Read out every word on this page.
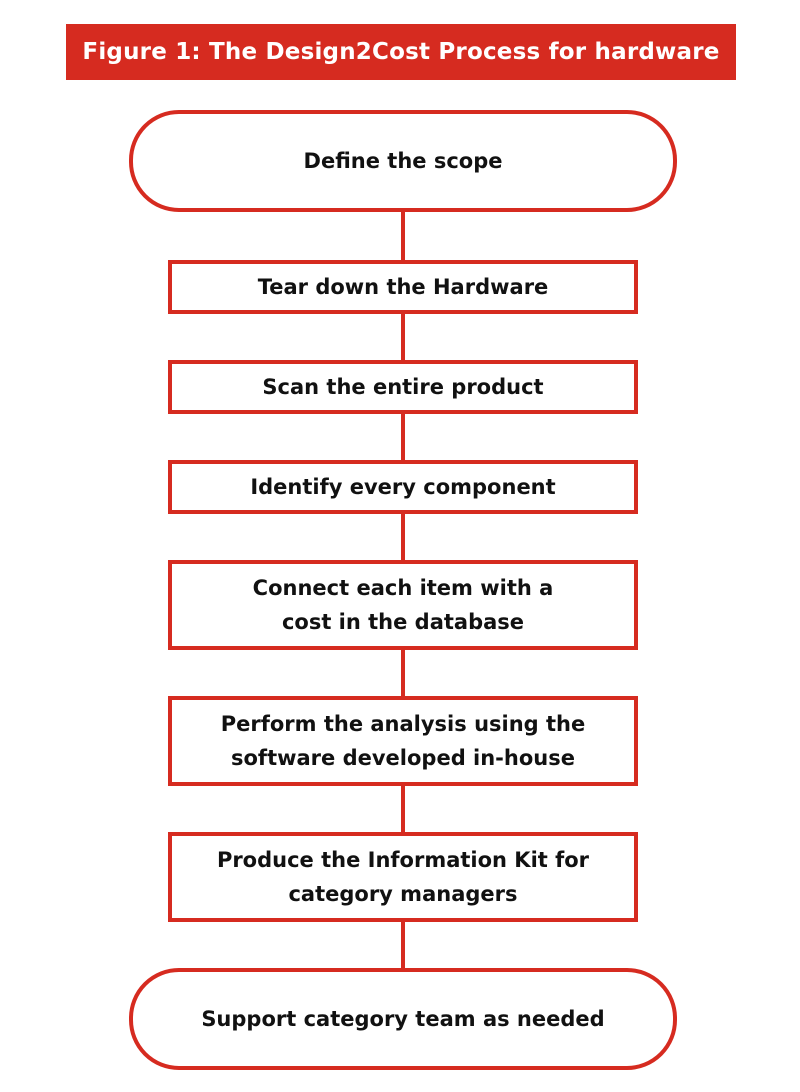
Figure 1: The Design2Cost Process for hardware
Define the scope
Tear down the Hardware
Scan the entire product
Identify every component
Connect each item with a
cost in the database
Perform the analysis using the
software developed in-house
Produce the Information Kit for
category managers
Support category team as needed
